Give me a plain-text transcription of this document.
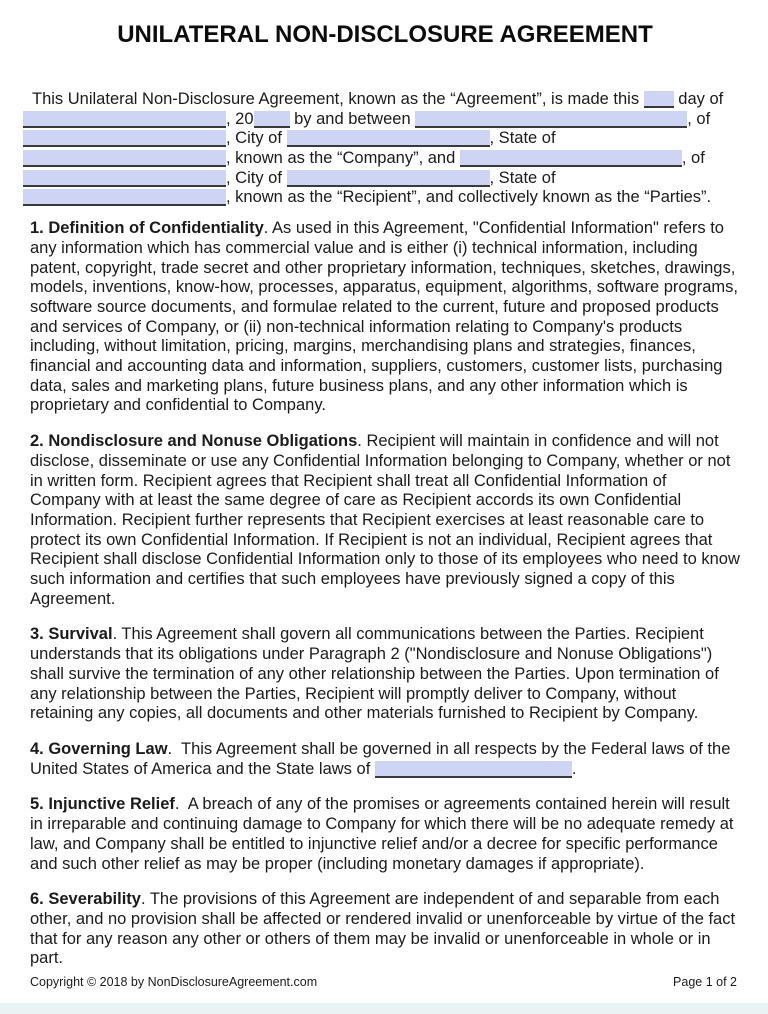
UNILATERAL NON-DISCLOSURE AGREEMENT
This Unilateral Non-Disclosure Agreement, known as the “Agreement”, is made this  day of
, 20 by and between	, of
, City of	, State of
, known as the “Company”, and	, of
, City of	, State of
, known as the “Recipient”, and collectively known as the “Parties”.

1. Definition of Confidentiality. As used in this Agreement, "Confidential Information" refers to any information which has commercial value and is either (i) technical information, including patent, copyright, trade secret and other proprietary information, techniques, sketches, drawings, models, inventions, know-how, processes, apparatus, equipment, algorithms, software programs, software source documents, and formulae related to the current, future and proposed products and services of Company, or (ii) non-technical information relating to Company's products including, without limitation, pricing, margins, merchandising plans and strategies, finances, financial and accounting data and information, suppliers, customers, customer lists, purchasing data, sales and marketing plans, future business plans, and any other information which is proprietary and confidential to Company.

2. Nondisclosure and Nonuse Obligations. Recipient will maintain in confidence and will not disclose, disseminate or use any Confidential Information belonging to Company, whether or not in written form. Recipient agrees that Recipient shall treat all Confidential Information of Company with at least the same degree of care as Recipient accords its own Confidential Information. Recipient further represents that Recipient exercises at least reasonable care to protect its own Confidential Information. If Recipient is not an individual, Recipient agrees that Recipient shall disclose Confidential Information only to those of its employees who need to know such information and certifies that such employees have previously signed a copy of this Agreement.

3. Survival. This Agreement shall govern all communications between the Parties. Recipient understands that its obligations under Paragraph 2 ("Nondisclosure and Nonuse Obligations") shall survive the termination of any other relationship between the Parties. Upon termination of any relationship between the Parties, Recipient will promptly deliver to Company, without retaining any copies, all documents and other materials furnished to Recipient by Company.

4. Governing Law.  This Agreement shall be governed in all respects by the Federal laws of the United States of America and the State laws of	.

5. Injunctive Relief.  A breach of any of the promises or agreements contained herein will result in irreparable and continuing damage to Company for which there will be no adequate remedy at law, and Company shall be entitled to injunctive relief and/or a decree for specific performance and such other relief as may be proper (including monetary damages if appropriate).

6. Severability. The provisions of this Agreement are independent of and separable from each other, and no provision shall be affected or rendered invalid or unenforceable by virtue of the fact that for any reason any other or others of them may be invalid or unenforceable in whole or in part.

Copyright © 2018 by NonDisclosureAgreement.com	Page 1 of 2
